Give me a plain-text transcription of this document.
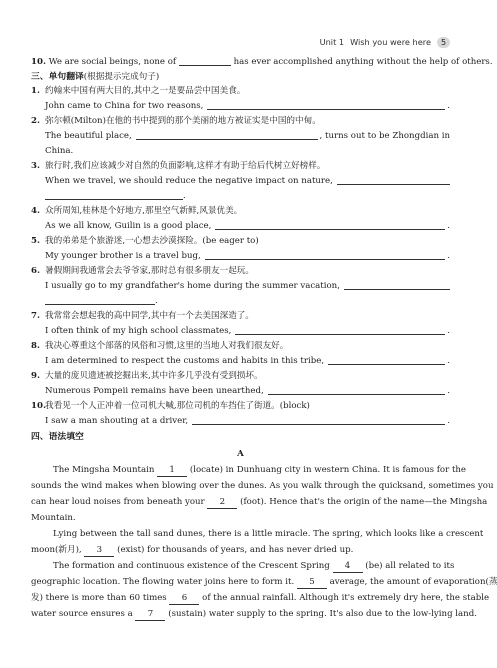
Unit 1 Wish you were here	5
10. We are social beings, none of	has ever accomplished anything without the help of others.
三、单句翻译(根据提示完成句子)
1. 约翰来中国有两大目的,其中之一是要品尝中国美食。
John came to China for two reasons,	.
2. 弥尔顿(Milton)在他的书中提到的那个美丽的地方被证实是中国的中甸。
The beautiful place,	, turns out to be Zhongdian in
China.
3. 旅行时,我们应该减少对自然的负面影响,这样才有助于给后代树立好榜样。
When we travel, we should reduce the negative impact on nature,
.
4. 众所周知,桂林是个好地方,那里空气新鲜,风景优美。
As we all know, Guilin is a good place,	.
5. 我的弟弟是个旅游迷,一心想去沙漠探险。(be eager to)
My younger brother is a travel bug,	.
6. 暑假期间我通常会去爷爷家,那时总有很多朋友一起玩。
I usually go to my grandfather's home during the summer vacation,
.
7. 我常常会想起我的高中同学,其中有一个去美国深造了。
I often think of my high school classmates,	.
8. 我决心尊重这个部落的风俗和习惯,这里的当地人对我们很友好。
I am determined to respect the customs and habits in this tribe,	.
9. 大量的庞贝遗迹被挖掘出来,其中许多几乎没有受到损坏。
Numerous Pompeii remains have been unearthed,	.
10.我看见一个人正冲着一位司机大喊,那位司机的车挡住了街道。(block)
I saw a man shouting at a driver,	.
四、语法填空
A
The Mingsha Mountain 1 (locate) in Dunhuang city in western China. It is famous for the
sounds the wind makes when blowing over the dunes. As you walk through the quicksand, sometimes you
can hear loud noises from beneath your 2 (foot). Hence that's the origin of the name—the Mingsha
Mountain.
Lying between the tall sand dunes, there is a little miracle. The spring, which looks like a crescent
moon(新月), 3 (exist) for thousands of years, and has never dried up.
The formation and continuous existence of the Crescent Spring 4 (be) all related to its
geographic location. The flowing water joins here to form it. 5 average, the amount of evaporation(蒸
发) there is more than 60 times 6 of the annual rainfall. Although it's extremely dry here, the stable
water source ensures a 7 (sustain) water supply to the spring. It's also due to the low-lying land.
